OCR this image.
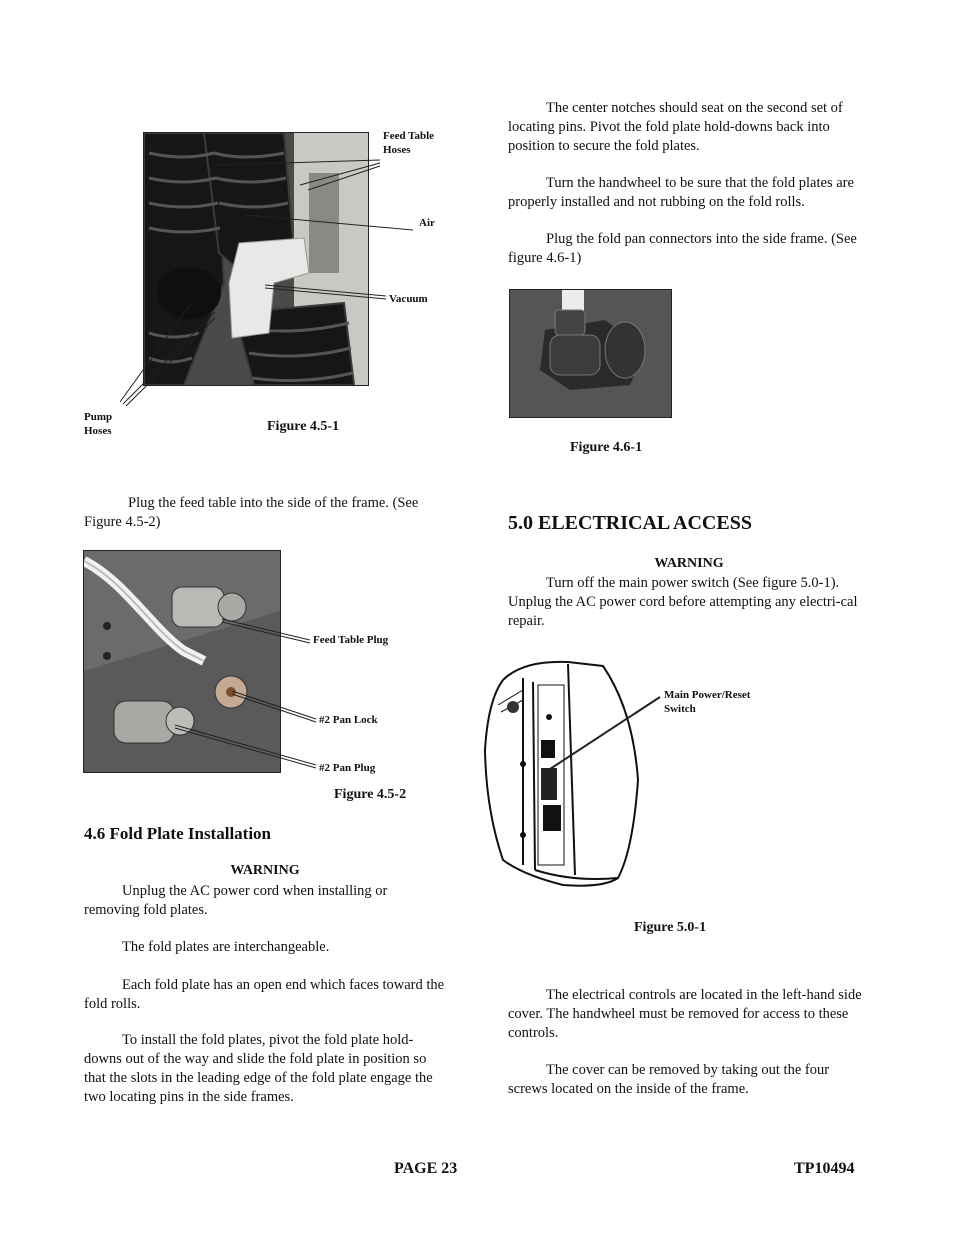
Feed Table Hoses
Air
Vacuum
Pump Hoses	Figure 4.5-1
Plug the feed table into the side of the frame. (See Figure 4.5-2)
Feed Table Plug
#2 Pan Lock
#2 Pan Plug
Figure 4.5-2
4.6 Fold Plate Installation
WARNING
Unplug the AC power cord when installing or removing fold plates.
The fold plates are interchangeable.
Each fold plate has an open end which faces toward the fold rolls.
To install the fold plates, pivot the fold plate hold-downs out of the way and slide the fold plate in position so that the slots in the leading edge of the fold plate engage the two locating pins in the side frames.
The center notches should seat on the second set of locating pins. Pivot the fold plate hold-downs back into position to secure the fold plates.
Turn the handwheel to be sure that the fold plates are properly installed and not rubbing on the fold rolls.
Plug the fold pan connectors into the side frame. (See figure 4.6-1)
Figure 4.6-1
5.0 ELECTRICAL ACCESS
WARNING
Turn off the main power switch (See figure 5.0-1). Unplug the AC power cord before attempting any electri-cal repair.
Main Power/Reset Switch
Figure 5.0-1
The electrical controls are located in the left-hand side cover. The handwheel must be removed for access to these controls.
The cover can be removed by taking out the four screws located on the inside of the frame.
PAGE 23	TP10494
